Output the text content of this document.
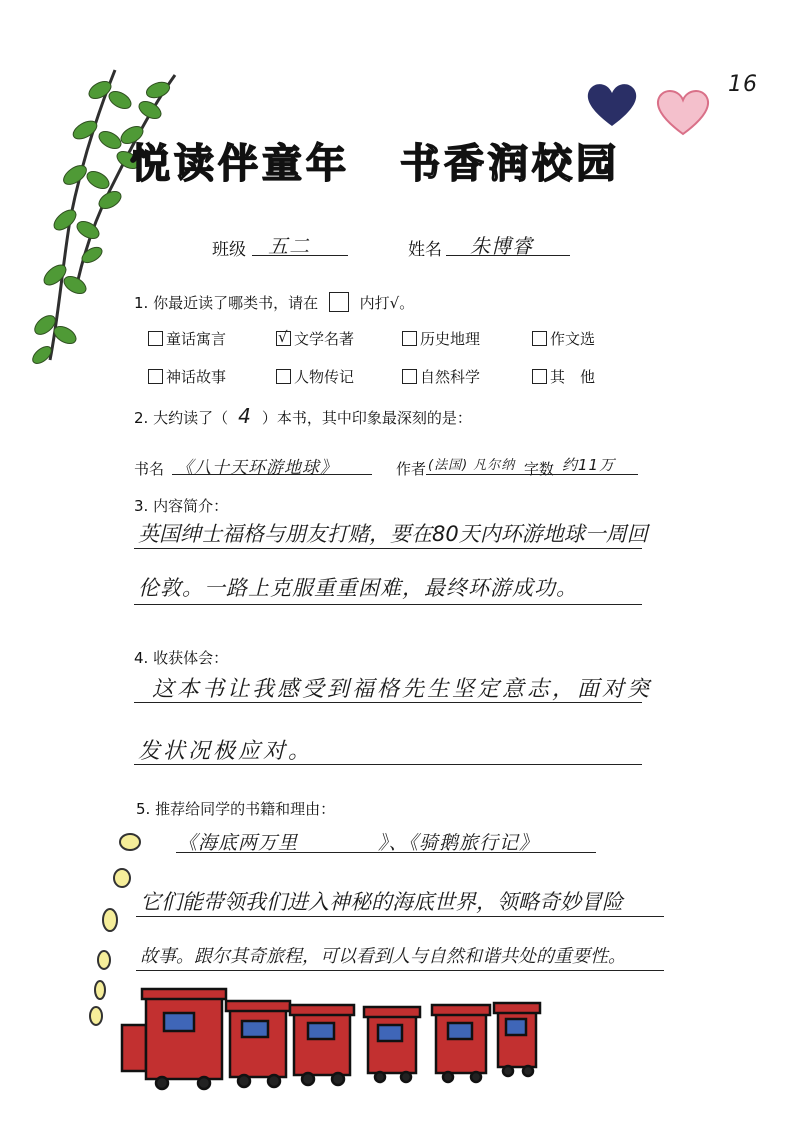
16
悦读伴童年 书香润校园
班级 五二	姓名 朱博睿
1. 你最近读了哪类书，请在	内打√。
童话寓言	√ 文学名著	历史地理	作文选
神话故事	人物传记	自然科学	其　他
2. 大约读了（ 4 ）本书，其中印象最深刻的是：
书名 《八十天环游地球》	作者 (法国) 凡尔纳 字数 约11万
3. 内容简介：
英国绅士福格与朋友打赌，要在80天内环游地球一周回
伦敦。一路上克服重重困难，最终环游成功。
4. 收获体会：
这本书让我感受到福格先生坚定意志，面对突
发状况极应对。
5. 推荐给同学的书籍和理由：
《海底两万里　　　　》、《骑鹅旅行记》
它们能带领我们进入神秘的海底世界，领略奇妙冒险
故事。跟尔其奇旅程，可以看到人与自然和谐共处的重要性。
